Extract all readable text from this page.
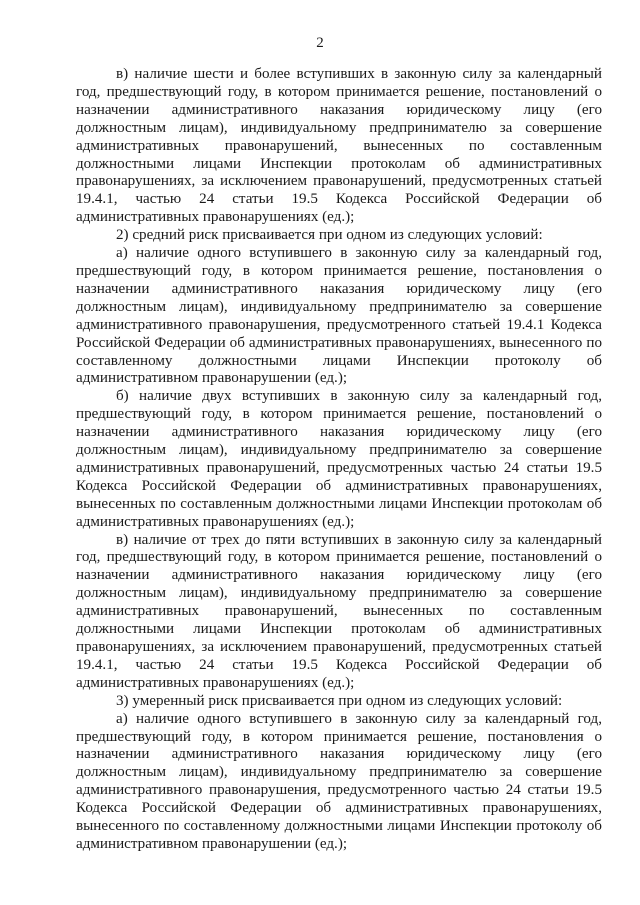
2

в) наличие шести и более вступивших в законную силу за календарный год, предшествующий году, в котором принимается решение, постановлений о назначении административного наказания юридическому лицу (его должностным лицам), индивидуальному предпринимателю за совершение административных правонарушений, вынесенных по составленным должностными лицами Инспекции протоколам об административных правонарушениях, за исключением правонарушений, предусмотренных статьей 19.4.1, частью 24 статьи 19.5 Кодекса Российской Федерации об административных правонарушениях (ед.);

2) средний риск присваивается при одном из следующих условий:

а) наличие одного вступившего в законную силу за календарный год, предшествующий году, в котором принимается решение, постановления о назначении административного наказания юридическому лицу (его должностным лицам), индивидуальному предпринимателю за совершение административного правонарушения, предусмотренного статьей 19.4.1 Кодекса Российской Федерации об административных правонарушениях, вынесенного по составленному должностными лицами Инспекции протоколу об административном правонарушении (ед.);

б) наличие двух вступивших в законную силу за календарный год, предшествующий году, в котором принимается решение, постановлений о назначении административного наказания юридическому лицу (его должностным лицам), индивидуальному предпринимателю за совершение административных правонарушений, предусмотренных частью 24 статьи 19.5 Кодекса Российской Федерации об административных правонарушениях, вынесенных по составленным должностными лицами Инспекции протоколам об административных правонарушениях (ед.);

в) наличие от трех до пяти вступивших в законную силу за календарный год, предшествующий году, в котором принимается решение, постановлений о назначении административного наказания юридическому лицу (его должностным лицам), индивидуальному предпринимателю за совершение административных правонарушений, вынесенных по составленным должностными лицами Инспекции протоколам об административных правонарушениях, за исключением правонарушений, предусмотренных статьей 19.4.1, частью 24 статьи 19.5 Кодекса Российской Федерации об административных правонарушениях (ед.);

3) умеренный риск присваивается при одном из следующих условий:

а) наличие одного вступившего в законную силу за календарный год, предшествующий году, в котором принимается решение, постановления о назначении административного наказания юридическому лицу (его должностным лицам), индивидуальному предпринимателю за совершение административного правонарушения, предусмотренного частью 24 статьи 19.5 Кодекса Российской Федерации об административных правонарушениях, вынесенного по составленному должностными лицами Инспекции протоколу об административном правонарушении (ед.);
